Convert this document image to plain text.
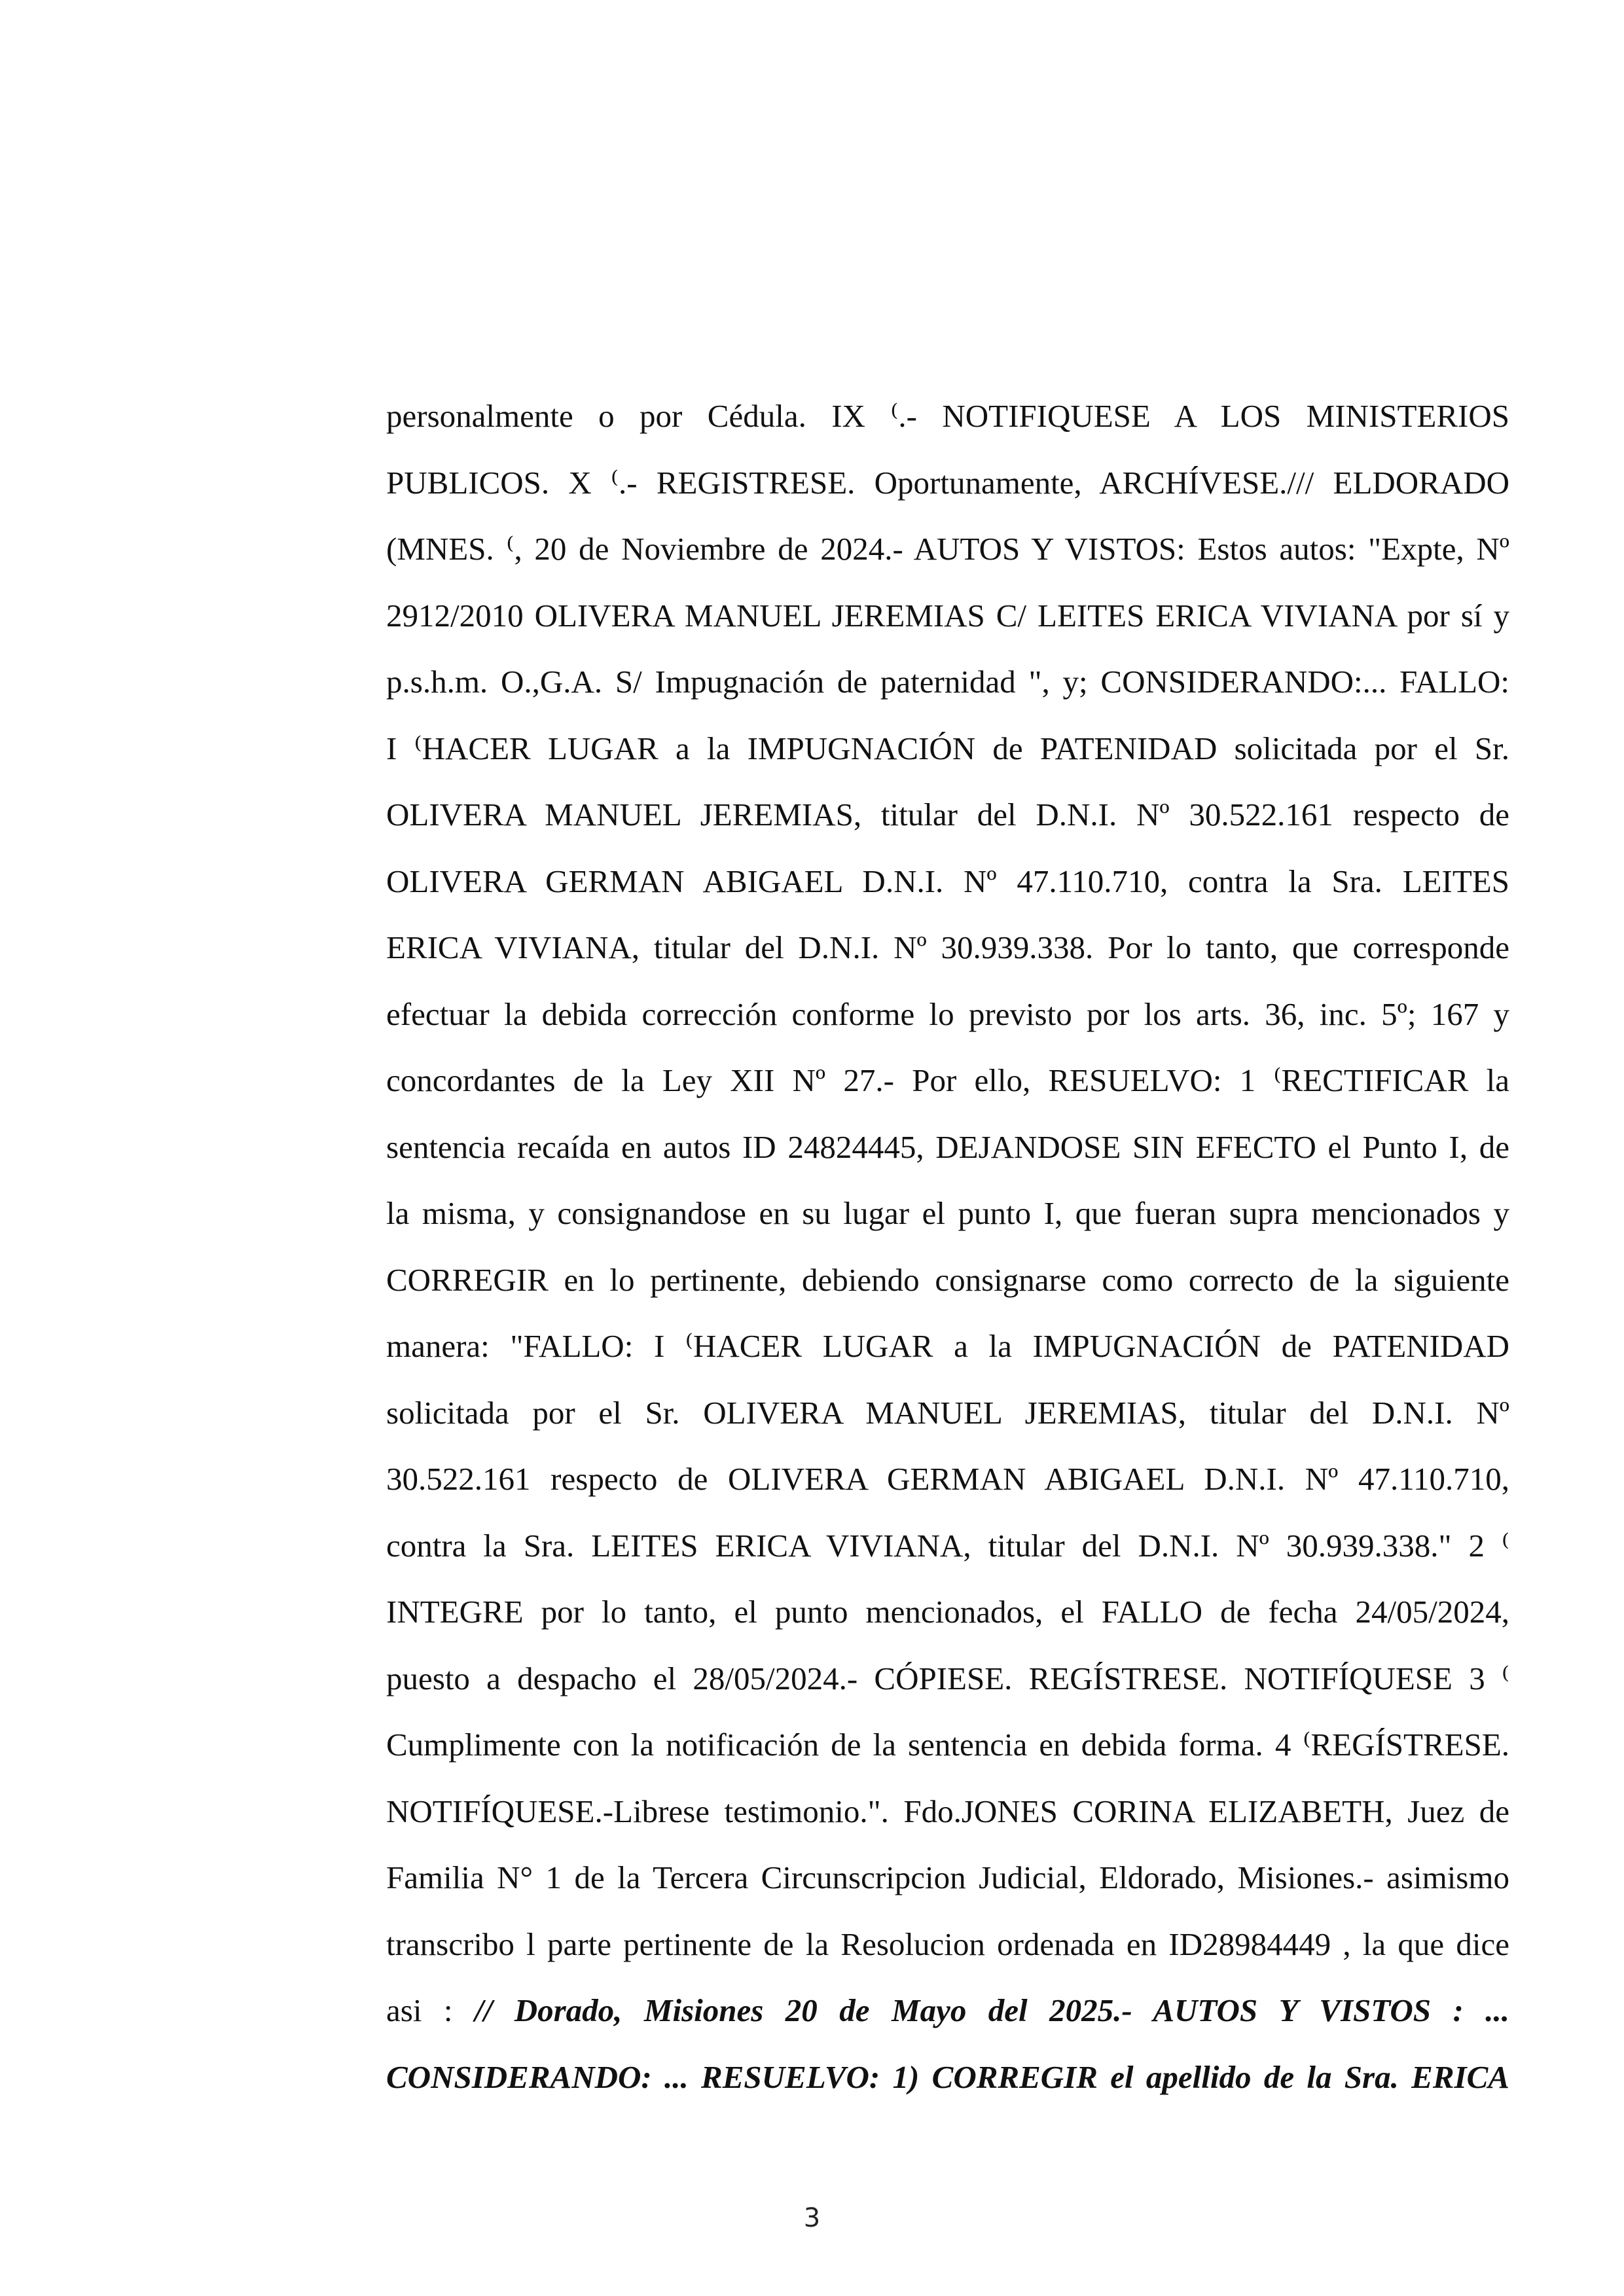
personalmente o por Cédula. IX ⁽.- NOTIFIQUESE A LOS MINISTERIOS
PUBLICOS. X ⁽.- REGISTRESE. Oportunamente, ARCHÍVESE./// ELDORADO
(MNES. ⁽, 20 de Noviembre de 2024.- AUTOS Y VISTOS: Estos autos: "Expte, Nº
2912/2010 OLIVERA MANUEL JEREMIAS C/ LEITES ERICA VIVIANA por sí y
p.s.h.m. O.,G.A. S/ Impugnación de paternidad ", y; CONSIDERANDO:... FALLO:
I ⁽HACER LUGAR a la IMPUGNACIÓN de PATENIDAD solicitada por el Sr.
OLIVERA MANUEL JEREMIAS, titular del D.N.I. Nº 30.522.161 respecto de
OLIVERA GERMAN ABIGAEL D.N.I. Nº 47.110.710, contra la Sra. LEITES
ERICA VIVIANA, titular del D.N.I. Nº 30.939.338. Por lo tanto, que corresponde
efectuar la debida corrección conforme lo previsto por los arts. 36, inc. 5º; 167 y
concordantes de la Ley XII Nº 27.- Por ello, RESUELVO: 1 ⁽RECTIFICAR la
sentencia recaída en autos ID 24824445, DEJANDOSE SIN EFECTO el Punto I, de
la misma, y consignandose en su lugar el punto I, que fueran supra mencionados y
CORREGIR en lo pertinente, debiendo consignarse como correcto de la siguiente
manera: "FALLO: I ⁽HACER LUGAR a la IMPUGNACIÓN de PATENIDAD
solicitada por el Sr. OLIVERA MANUEL JEREMIAS, titular del D.N.I. Nº
30.522.161 respecto de OLIVERA GERMAN ABIGAEL D.N.I. Nº 47.110.710,
contra la Sra. LEITES ERICA VIVIANA, titular del D.N.I. Nº 30.939.338." 2 ⁽
INTEGRE por lo tanto, el punto mencionados, el FALLO de fecha 24/05/2024,
puesto a despacho el 28/05/2024.- CÓPIESE. REGÍSTRESE. NOTIFÍQUESE 3 ⁽
Cumplimente con la notificación de la sentencia en debida forma. 4 ⁽REGÍSTRESE.
NOTIFÍQUESE.-Librese testimonio.". Fdo.JONES CORINA ELIZABETH, Juez de
Familia N° 1 de la Tercera Circunscripcion Judicial, Eldorado, Misiones.- asimismo
transcribo l parte pertinente de la Resolucion ordenada en ID28984449 , la que dice
asi : // Dorado, Misiones 20 de Mayo del 2025.- AUTOS Y VISTOS : ...
CONSIDERANDO: ... RESUELVO: 1) CORREGIR el apellido de la Sra. ERICA
3
